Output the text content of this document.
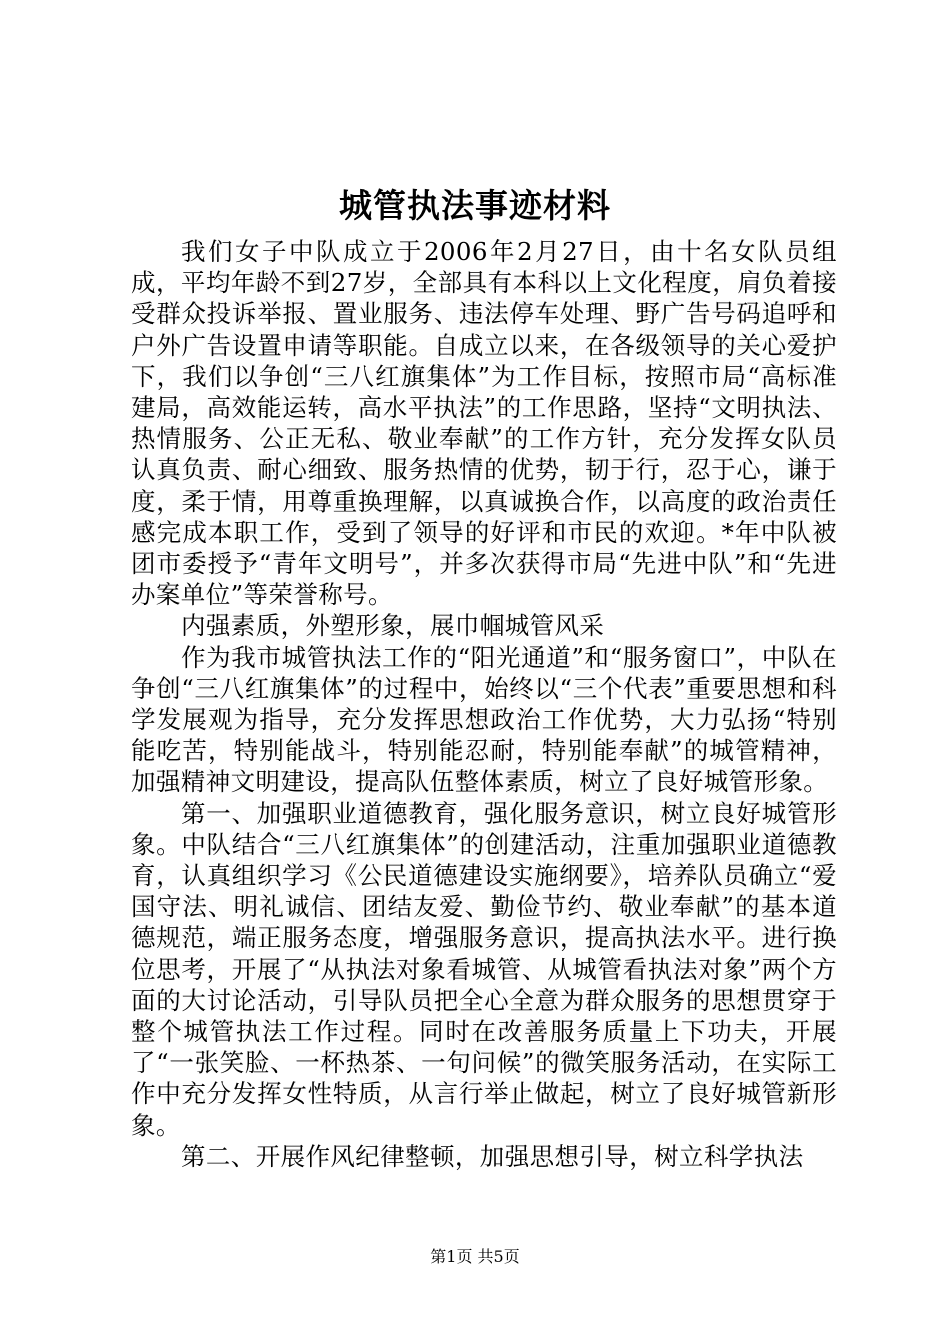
城管执法事迹材料

我们女子中队成立于2006年2月27日，由十名女队员组成，平均年龄不到27岁，全部具有本科以上文化程度，肩负着接受群众投诉举报、置业服务、违法停车处理、野广告号码追呼和户外广告设置申请等职能。自成立以来，在各级领导的关心爱护下，我们以争创“三八红旗集体”为工作目标，按照市局“高标准建局，高效能运转，高水平执法”的工作思路，坚持“文明执法、热情服务、公正无私、敬业奉献”的工作方针，充分发挥女队员认真负责、耐心细致、服务热情的优势，韧于行，忍于心，谦于度，柔于情，用尊重换理解，以真诚换合作，以高度的政治责任感完成本职工作，受到了领导的好评和市民的欢迎。*年中队被团市委授予“青年文明号”，并多次获得市局“先进中队”和“先进办案单位”等荣誉称号。

内强素质，外塑形象，展巾帼城管风采

作为我市城管执法工作的“阳光通道”和“服务窗口”，中队在争创“三八红旗集体”的过程中，始终以“三个代表”重要思想和科学发展观为指导，充分发挥思想政治工作优势，大力弘扬“特别能吃苦，特别能战斗，特别能忍耐，特别能奉献”的城管精神，加强精神文明建设，提高队伍整体素质，树立了良好城管形象。

第一、加强职业道德教育，强化服务意识，树立良好城管形象。中队结合“三八红旗集体”的创建活动，注重加强职业道德教育，认真组织学习《公民道德建设实施纲要》，培养队员确立“爱国守法、明礼诚信、团结友爱、勤俭节约、敬业奉献”的基本道德规范，端正服务态度，增强服务意识，提高执法水平。进行换位思考，开展了“从执法对象看城管、从城管看执法对象”两个方面的大讨论活动，引导队员把全心全意为群众服务的思想贯穿于整个城管执法工作过程。同时在改善服务质量上下功夫，开展了“一张笑脸、一杯热茶、一句问候”的微笑服务活动，在实际工作中充分发挥女性特质，从言行举止做起，树立了良好城管新形象。

第二、开展作风纪律整顿，加强思想引导，树立科学执法

第1页 共5页
